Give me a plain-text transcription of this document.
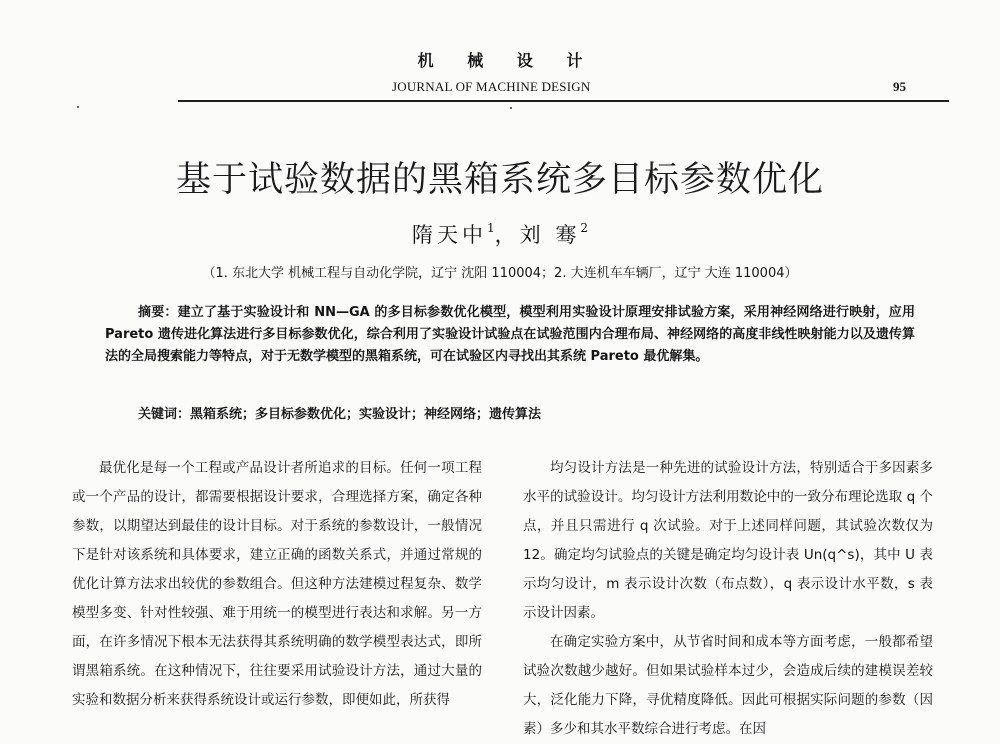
机 械 设 计
JOURNAL OF MACHINE DESIGN	95
基于试验数据的黑箱系统多目标参数优化
隋天中$^1$，刘 骞$^2$
（1. 东北大学 机械工程与自动化学院，辽宁 沈阳 110004；2. 大连机车车辆厂，辽宁 大连 110004）
摘要：建立了基于实验设计和 NN—GA 的多目标参数优化模型，模型利用实验设计原理安排试验方案，采用神经网络进行映射，应用 Pareto 遗传进化算法进行多目标参数优化，综合利用了实验设计试验点在试验范围内合理布局、神经网络的高度非线性映射能力以及遗传算法的全局搜索能力等特点，对于无数学模型的黑箱系统，可在试验区内寻找出其系统 Pareto 最优解集。
关键词：黑箱系统；多目标参数优化；实验设计；神经网络；遗传算法

最优化是每一个工程或产品设计者所追求的目标。任何一项工程或一个产品的设计，都需要根据设计要求，合理选择方案，确定各种参数，以期望达到最佳的设计目标。对于系统的参数设计，一般情况下是针对该系统和具体要求，建立正确的函数关系式，并通过常规的优化计算方法求出较优的参数组合。但这种方法建模过程复杂、数学模型多变、针对性较强、难于用统一的模型进行表达和求解。另一方面，在许多情况下根本无法获得其系统明确的数学模型表达式，即所谓黑箱系统。在这种情况下，往往要采用试验设计方法，通过大量的实验和数据分析来获得系统设计或运行参数，即便如此，所获得

均匀设计方法是一种先进的试验设计方法，特别适合于多因素多水平的试验设计。均匀设计方法利用数论中的一致分布理论选取 q 个点，并且只需进行 q 次试验。对于上述同样问题，其试验次数仅为 12。确定均匀试验点的关键是确定均匀设计表 Un(q^s)，其中 U 表示均匀设计，m 表示设计次数（布点数），q 表示设计水平数，s 表示设计因素。

在确定实验方案中，从节省时间和成本等方面考虑，一般都希望试验次数越少越好。但如果试验样本过少，会造成后续的建模误差较大，泛化能力下降，寻优精度降低。因此可根据实际问题的参数（因素）多少和其水平数综合进行考虑。在因
